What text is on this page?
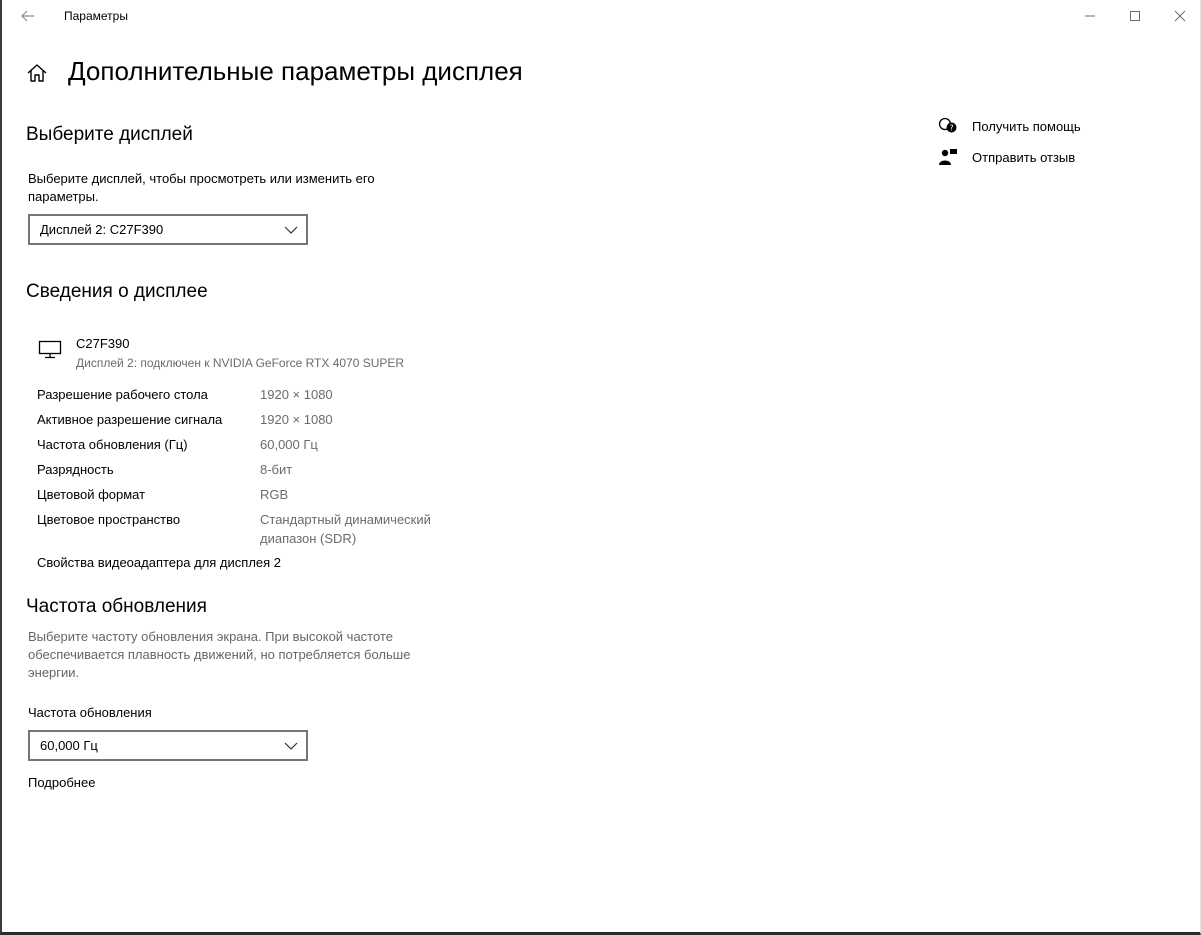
Параметры
Дополнительные параметры дисплея
Выберите дисплей
Выберите дисплей, чтобы просмотреть или изменить его параметры.
Дисплей 2: C27F390
Сведения о дисплее
C27F390
Дисплей 2: подключен к NVIDIA GeForce RTX 4070 SUPER
Разрешение рабочего стола	1920 × 1080
Активное разрешение сигнала	1920 × 1080
Частота обновления (Гц)	60,000 Гц
Разрядность	8-бит
Цветовой формат	RGB
Цветовое пространство	Стандартный динамический диапазон (SDR)
Свойства видеоадаптера для дисплея 2
Частота обновления
Выберите частоту обновления экрана. При высокой частоте обеспечивается плавность движений, но потребляется больше энергии.
Частота обновления
60,000 Гц
Подробнее
? Получить помощь
Отправить отзыв
